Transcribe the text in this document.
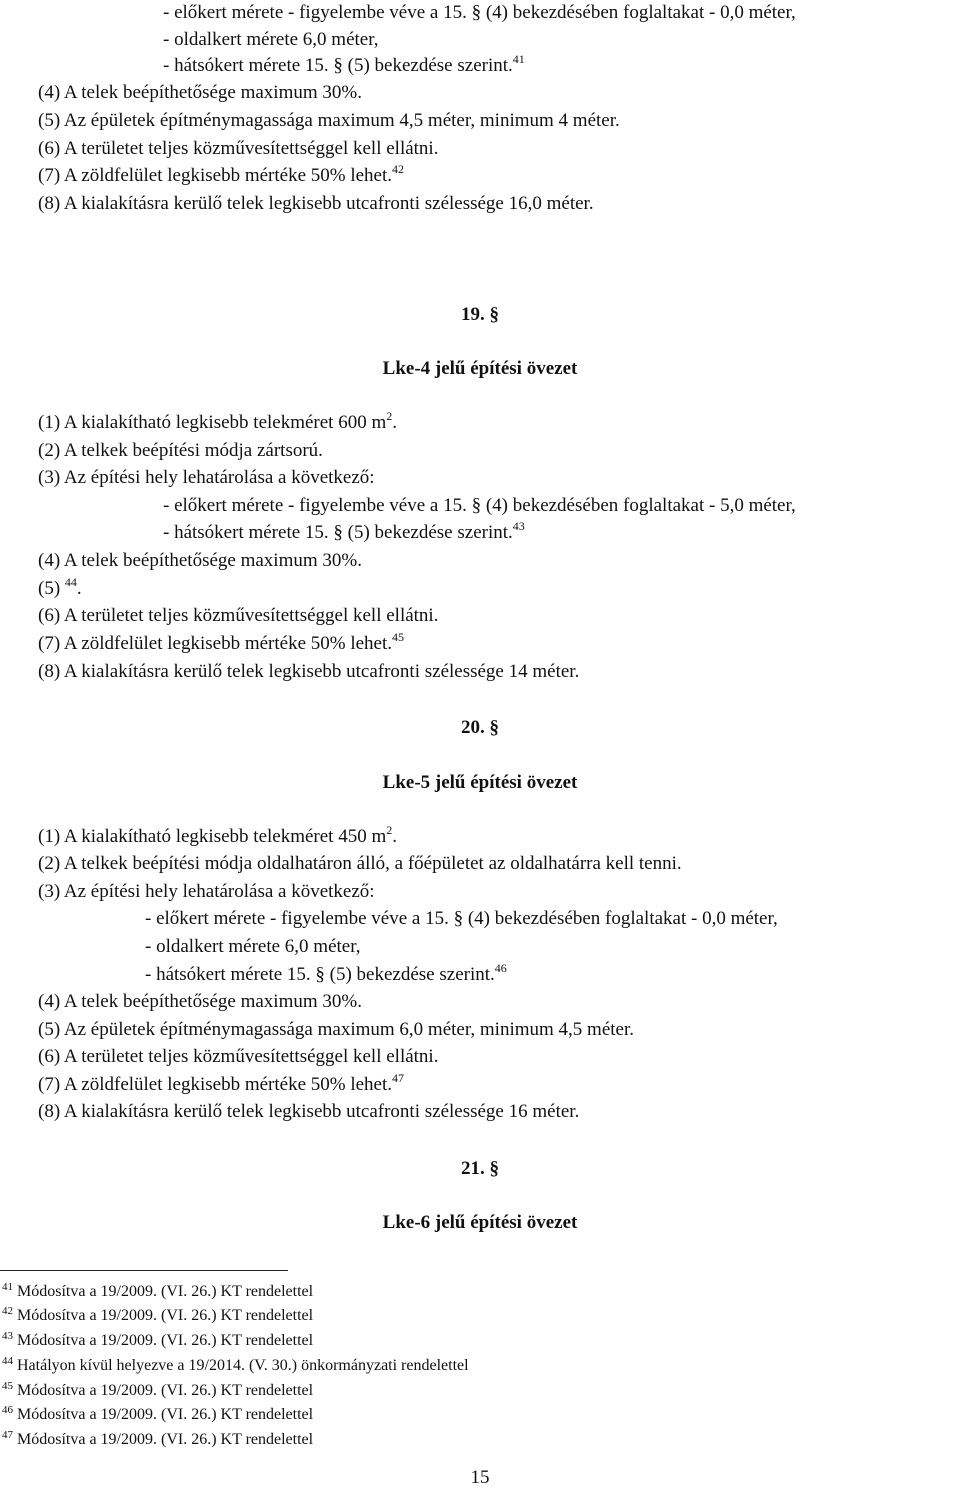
- előkert mérete - figyelembe véve a 15. § (4) bekezdésében foglaltakat - 0,0 méter,
- oldalkert mérete 6,0 méter,
- hátsókert mérete 15. § (5) bekezdése szerint.$^{41}$
(4) A telek beépíthetősége maximum 30%.
(5) Az épületek építménymagassága maximum 4,5 méter, minimum 4 méter.
(6) A területet teljes közművesítettséggel kell ellátni.
(7) A zöldfelület legkisebb mértéke 50% lehet.$^{42}$
(8) A kialakításra kerülő telek legkisebb utcafronti szélessége 16,0 méter.
19. §
Lke-4 jelű építési övezet
(1) A kialakítható legkisebb telekméret 600 $m^2$.
(2) A telkek beépítési módja zártsorú.
(3) Az építési hely lehatárolása a következő:
- előkert mérete - figyelembe véve a 15. § (4) bekezdésében foglaltakat - 5,0 méter,
- hátsókert mérete 15. § (5) bekezdése szerint.$^{43}$
(4) A telek beépíthetősége maximum 30%.
(5) $^{44}$.
(6) A területet teljes közművesítettséggel kell ellátni.
(7) A zöldfelület legkisebb mértéke 50% lehet.$^{45}$
(8) A kialakításra kerülő telek legkisebb utcafronti szélessége 14 méter.
20. §
Lke-5 jelű építési övezet
(1) A kialakítható legkisebb telekméret 450 $m^2$.
(2) A telkek beépítési módja oldalhatáron álló, a főépületet az oldalhatárra kell tenni.
(3) Az építési hely lehatárolása a következő:
- előkert mérete - figyelembe véve a 15. § (4) bekezdésében foglaltakat - 0,0 méter,
- oldalkert mérete 6,0 méter,
- hátsókert mérete 15. § (5) bekezdése szerint.$^{46}$
(4) A telek beépíthetősége maximum 30%.
(5) Az épületek építménymagassága maximum 6,0 méter, minimum 4,5 méter.
(6) A területet teljes közművesítettséggel kell ellátni.
(7) A zöldfelület legkisebb mértéke 50% lehet.$^{47}$
(8) A kialakításra kerülő telek legkisebb utcafronti szélessége 16 méter.
21. §
Lke-6 jelű építési övezet
$^{41}$ Módosítva a 19/2009. (VI. 26.) KT rendelettel
$^{42}$ Módosítva a 19/2009. (VI. 26.) KT rendelettel
$^{43}$ Módosítva a 19/2009. (VI. 26.) KT rendelettel
$^{44}$ Hatályon kívül helyezve a 19/2014. (V. 30.) önkormányzati rendelettel
$^{45}$ Módosítva a 19/2009. (VI. 26.) KT rendelettel
$^{46}$ Módosítva a 19/2009. (VI. 26.) KT rendelettel
$^{47}$ Módosítva a 19/2009. (VI. 26.) KT rendelettel
15
